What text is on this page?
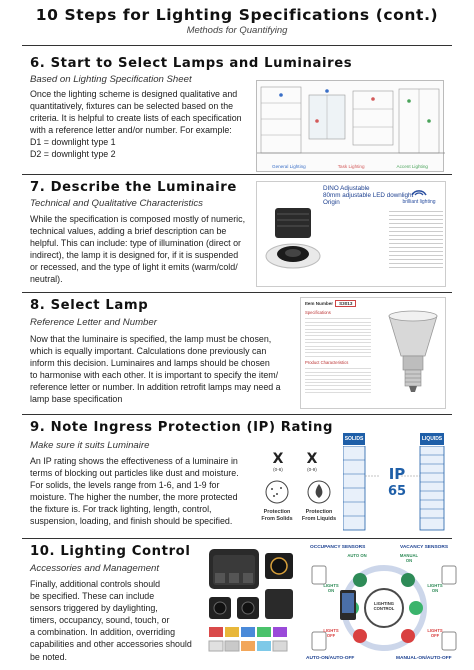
10 Steps for Lighting Specifications (cont.)
Methods for Quantifying
6. Start to Select Lamps and Luminaires
Based on Lighting Specification Sheet

Once the lighting scheme is designed qualitative and

quantitatively, fixtures can be selected based on the

criteria. It is helpful to create lists of each specification

with a reference letter and/or number. For example:

D1 = downlight type 1

D2 = downlight type 2

General Lighting	Task Lighting	Accent Lighting
7. Describe the Luminaire
Technical and Qualitative Characteristics

While the specification is composed mostly of numeric,

technical values, adding a brief description can be

helpful. This can include: type of illumination (direct or

indirect), the lamp it is designed for, if it is suspended

or recessed, and the type of light it emits (warm/cold/

neutral).

DINO Adjustable
80mm adjustable LED downlight
Origin	brilliant lighting
8. Select Lamp
Reference Letter and Number

Now that the luminaire is specified, the lamp must be chosen,

which is equally important. Calculations done previously can

inform this decision. Luminaires and lamps should be chosen

to harmonise with each other. It is important to specify the item/

reference letter or number. In addition retrofit lamps may need a

lamp base specification

Item Number S3013
Specifications
Product Characteristics
9. Note Ingress Protection (IP) Rating
Make sure it suits Luminaire

An IP rating shows the effectiveness of a luminaire in

terms of blocking out particles like dust and moisture.

For solids, the levels range from 1-6, and 1-9 for

moisture. The higher the number, the more protected

the fixture is. For track lighting, length, control,

suspension, loading, and finish should be specified.

X
(0-6)
X
(0-9)
Protection
From Solids
Protection
From Liquids
SOLIDS	LIQUIDS
IP
65
10. Lighting Control
Accessories and Management

Finally, additional controls should

be specified. These can include

sensors triggered by daylighting,

timers, occupancy, sound, touch, or

a combination. In addition, overriding

capabilities and other accessories should

be noted.

OCCUPANCY SENSORS	VACANCY SENSORS
AUTO ON	MANUAL ON
LIGHTS ON
LIGHTS ON
LIGHTING CONTROL
LIGHTS OFF
LIGHTS OFF
AUTO-ON/AUTO-OFF	MANUAL-ON/AUTO-OFF
